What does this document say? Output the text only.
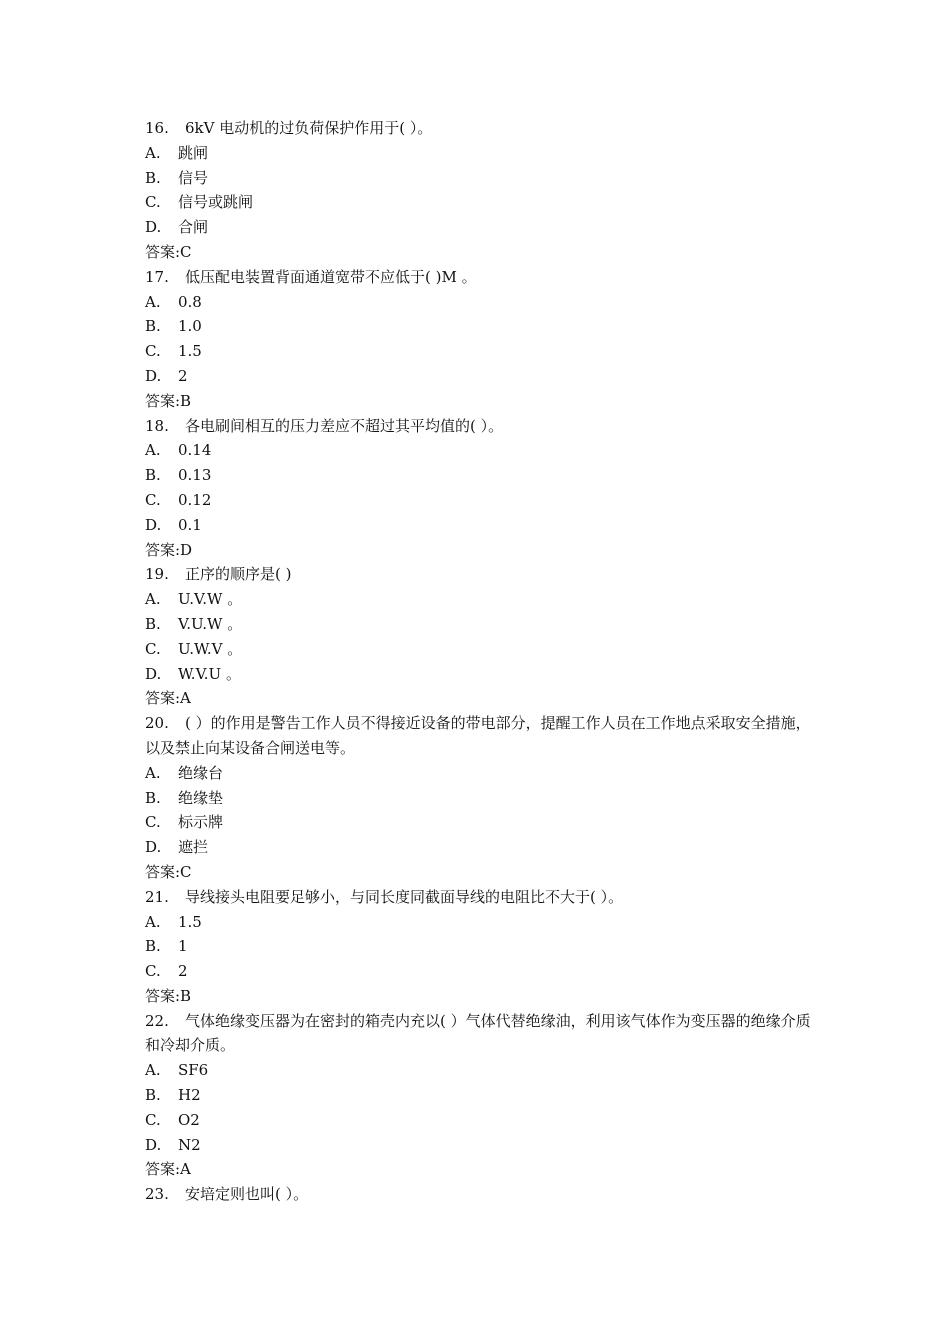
16. 6kV 电动机的过负荷保护作用于( ）。
A. 跳闸
B. 信号
C. 信号或跳闸
D. 合闸
答案:C
17. 低压配电装置背面通道宽带不应低于( )M 。
A. 0.8
B. 1.0
C. 1.5
D. 2
答案:B
18. 各电刷间相互的压力差应不超过其平均值的( ）。
A. 0.14
B. 0.13
C. 0.12
D. 0.1
答案:D
19. 正序的顺序是( )
A. U.V.W 。
B. V.U.W 。
C. U.W.V 。
D. W.V.U 。
答案:A
20. ( ）的作用是警告工作人员不得接近设备的带电部分，提醒工作人员在工作地点采取安全措施，以及禁止向某设备合闸送电等。
A. 绝缘台
B. 绝缘垫
C. 标示牌
D. 遮拦
答案:C
21. 导线接头电阻要足够小，与同长度同截面导线的电阻比不大于( ）。
A. 1.5
B. 1
C. 2
答案:B
22. 气体绝缘变压器为在密封的箱壳内充以( ）气体代替绝缘油，利用该气体作为变压器的绝缘介质和冷却介质。
A. SF6
B. H2
C. O2
D. N2
答案:A
23. 安培定则也叫( ）。
